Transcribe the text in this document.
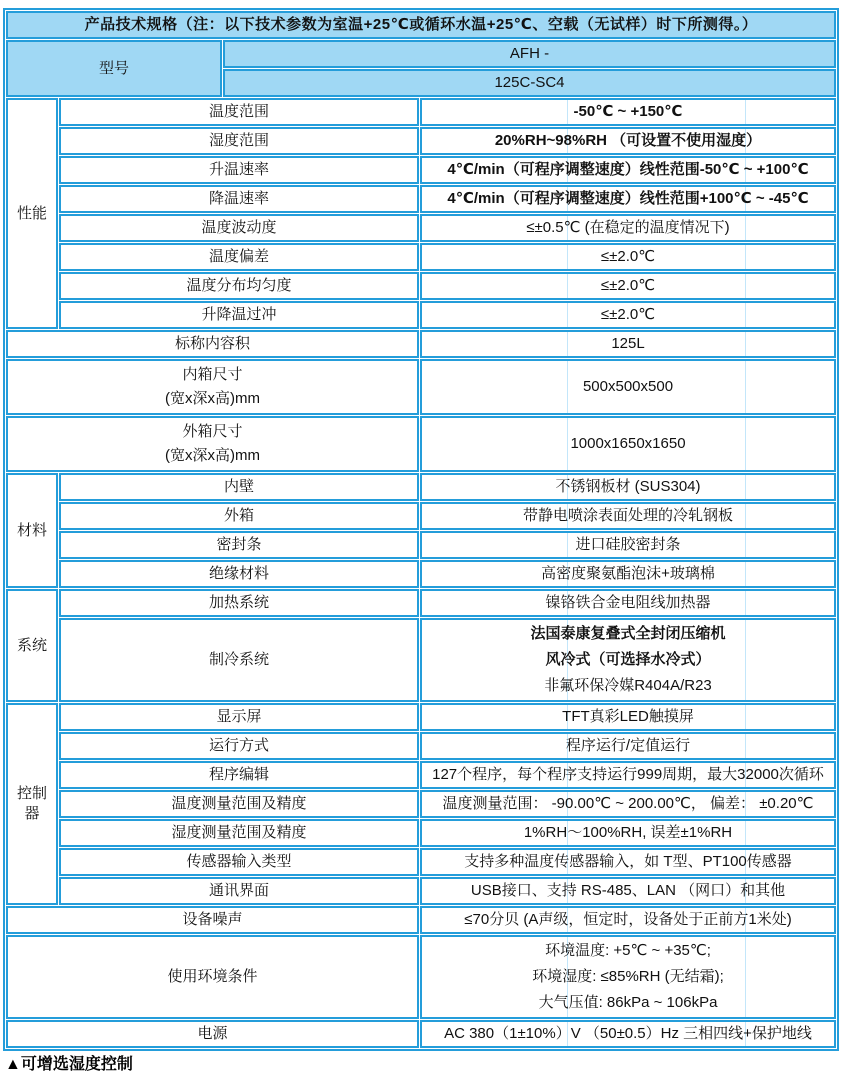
产品技术规格（注：以下技术参数为室温+25℃或循环水温+25℃、空载（无试样）时下所测得。）			
型号		AFH -	
		125C-SC4	
性能	温度范围		-50℃ ~ +150℃
	湿度范围		20%RH~98%RH （可设置不使用湿度）
	升温速率		4℃/min（可程序调整速度）线性范围-50℃ ~ +100℃
	降温速率		4℃/min（可程序调整速度）线性范围+100℃ ~ -45℃
	温度波动度		≤±0.5℃ (在稳定的温度情况下)
	温度偏差		≤±2.0℃
	温度分布均匀度		≤±2.0℃
	升降温过冲		≤±2.0℃
标称内容积			125L

内箱尺寸
(宽x深x高)mm			500x500x500

外箱尺寸
(宽x深x高)mm			1000x1650x1650
材料	内壁		不锈钢板材 (SUS304)
	外箱		带静电喷涂表面处理的冷轧钢板
	密封条		进口硅胶密封条
	绝缘材料		高密度聚氨酯泡沫+玻璃棉
系统	加热系统		镍铬铁合金电阻线加热器
	制冷系统		法国泰康复叠式全封闭压缩机
风冷式（可选择水冷式）
非氟环保冷媒R404A/R23

控制器	显示屏		TFT真彩LED触摸屏
	运行方式		程序运行/定值运行
	程序编辑		127个程序，每个程序支持运行999周期，最大32000次循环
	温度测量范围及精度		温度测量范围： -90.00℃ ~ 200.00℃， 偏差： ±0.20℃
	湿度测量范围及精度		1%RH～100%RH, 误差±1%RH
	传感器输入类型		支持多种温度传感器输入，如 T型、PT100传感器
	通讯界面		USB接口、支持 RS-485、LAN （网口）和其他
设备噪声			≤70分贝 (A声级，恒定时，设备处于正前方1米处)
使用环境条件			环境温度: +5℃ ~ +35℃;
环境湿度: ≤85%RH (无结霜);
大气压值: 86kPa ~ 106kPa

电源			AC 380（1±10%）V （50±0.5）Hz 三相四线+保护地线
▲可增选湿度控制
